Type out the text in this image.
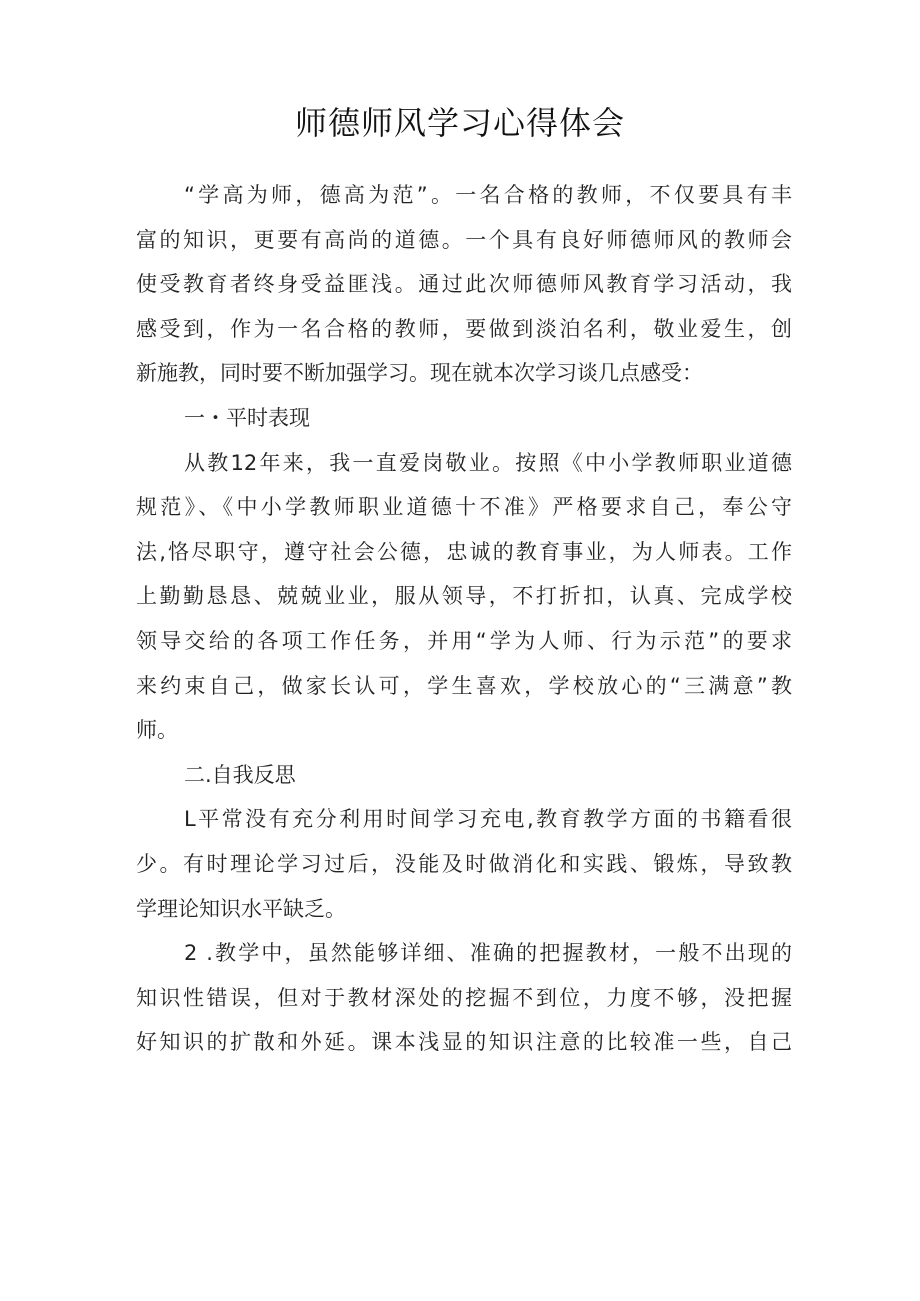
师德师风学习心得体会
“学高为师，德高为范”。一名合格的教师，不仅要具有丰
富的知识，更要有高尚的道德。一个具有良好师德师风的教师会
使受教育者终身受益匪浅。通过此次师德师风教育学习活动，我
感受到，作为一名合格的教师，要做到淡泊名利，敬业爱生，创
新施教，同时要不断加强学习。现在就本次学习谈几点感受：
一・平时表现
从教12年来，我一直爱岗敬业。按照《中小学教师职业道德
规范》、《中小学教师职业道德十不准》严格要求自己，奉公守
法,恪尽职守，遵守社会公德，忠诚的教育事业，为人师表。工作
上勤勤恳恳、兢兢业业，服从领导，不打折扣，认真、完成学校
领导交给的各项工作任务，并用“学为人师、行为示范”的要求
来约束自己，做家长认可，学生喜欢，学校放心的“三满意”教
师。
二.自我反思
L平常没有充分利用时间学习充电,教育教学方面的书籍看很
少。有时理论学习过后，没能及时做消化和实践、锻炼，导致教
学理论知识水平缺乏。
2 .教学中，虽然能够详细、准确的把握教材，一般不出现的
知识性错误，但对于教材深处的挖掘不到位，力度不够，没把握
好知识的扩散和外延。课本浅显的知识注意的比较准一些，自己
